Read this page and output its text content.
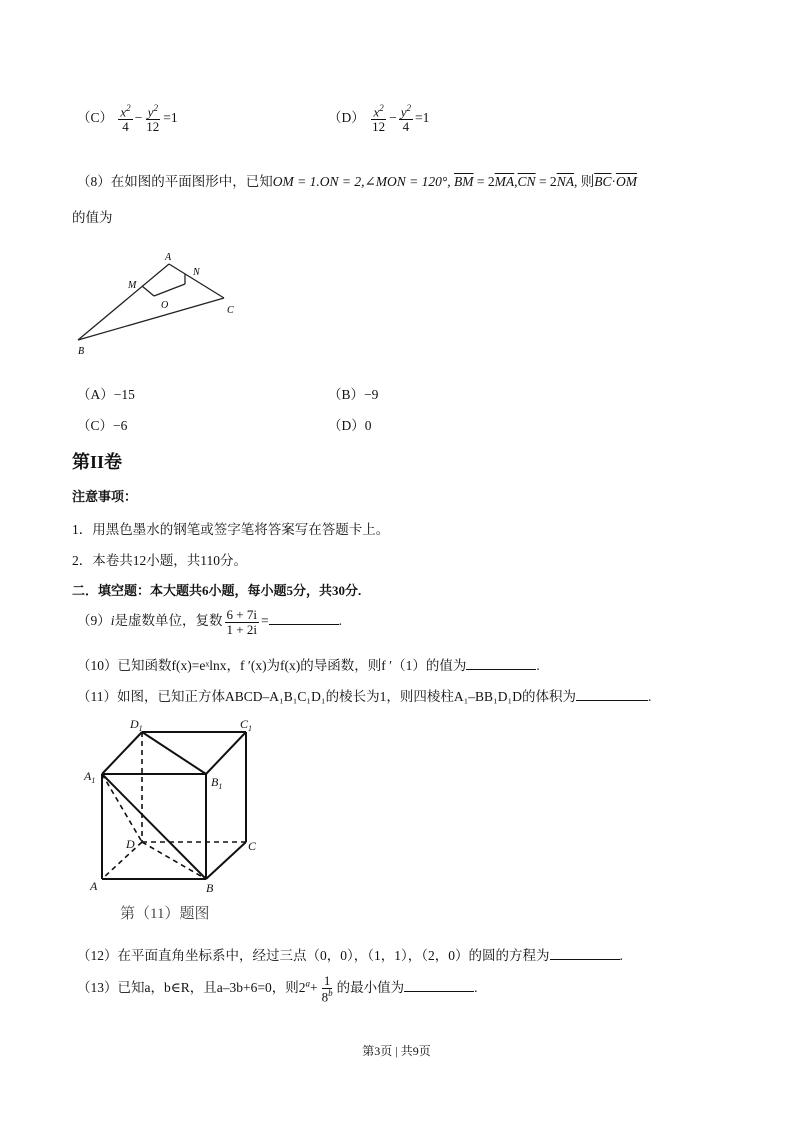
$(C) \frac{x^2}{4} - \frac{y^2}{12} =1$	$(D) \frac{x^2}{12} - \frac{y^2}{4} =1$
（8）在如图的平面图形中，已知OM = 1.ON = 2,∠MON = 120°, $\overline{BM} = 2\overline{MA},\overline{CN} = 2\overline{NA}$, 则$\overline{BC}\cdot\overline{OM}$
的值为
A
N
M
O	C
B
（A）−15	（B）−9
（C）−6	（D）0
第II卷
注意事项：
1．用黑色墨水的钢笔或签字笔将答案写在答题卡上。
2．本卷共12小题，共110分。
二．填空题：本大题共6小题，每小题5分，共30分.
（9）i是虚数单位，复数 $\frac{6 + 7i}{1 + 2i}$ =	.
（10）已知函数f(x)=eˣlnx，f ′(x)为f(x)的导函数，则f ′（1）的值为	.
（11）如图，已知正方体ABCD–A₁B₁C₁D₁的棱长为1，则四棱柱A₁–BB₁D₁D的体积为	.
$D_1$	$C_1$
$A_1$	$B_1$
D	C
A	B
第（11）题图
（12）在平面直角坐标系中，经过三点（0，0），（1，1），（2，0）的圆的方程为	.
（13）已知a，b∈R，且a–3b+6=0，则$2^a+ \frac{1}{8^b}$ 的最小值为	.
第3页 | 共9页
